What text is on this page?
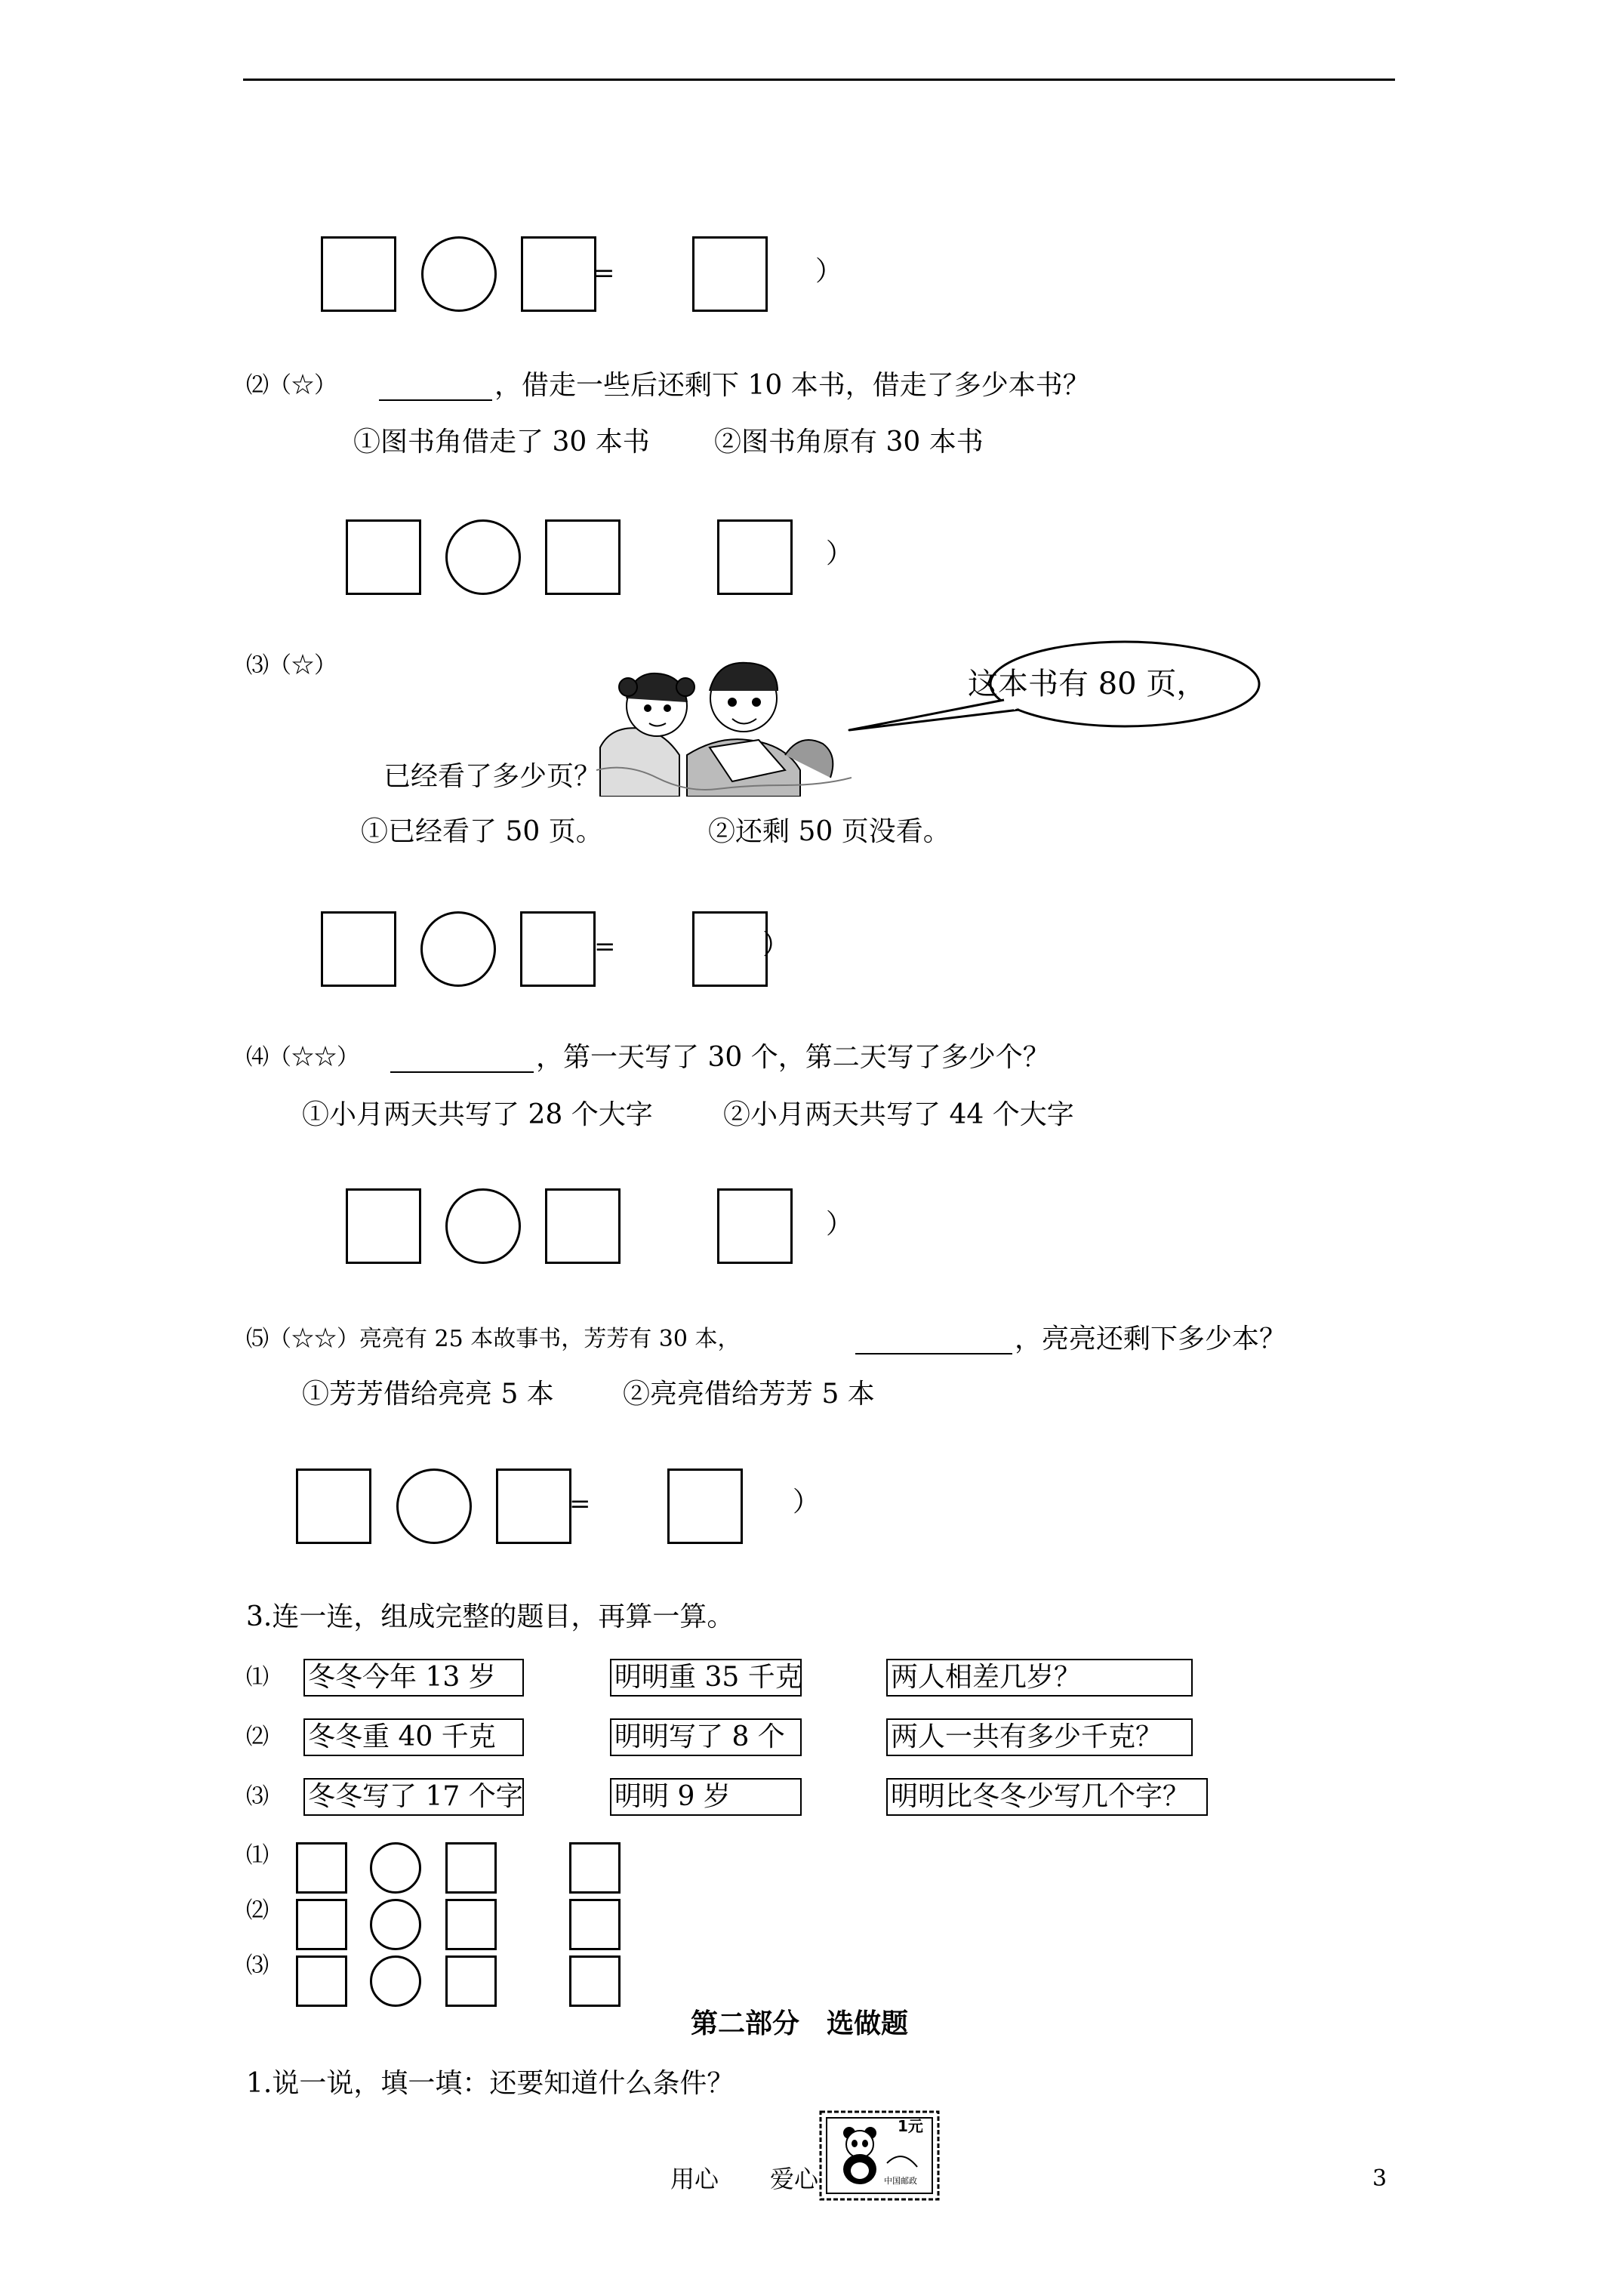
=	）
⑵（☆）	，借走一些后还剩下 10 本书，借走了多少本书？
①图书角借走了 30 本书 ②图书角原有 30 本书
）
⑶（☆）
这本书有 80 页，
已经看了多少页？
①已经看了 50 页。	②还剩 50 页没看。
=	）
⑷（☆☆）	，第一天写了 30 个，第二天写了多少个？
①小月两天共写了 28 个大字	②小月两天共写了 44 个大字
）
⑸（☆☆）亮亮有 25 本故事书，芳芳有 30 本，	，亮亮还剩下多少本？
①芳芳借给亮亮 5 本	②亮亮借给芳芳 5 本
=	）
3.连一连，组成完整的题目，再算一算。
⑴ 冬冬今年 13 岁	明明重 35 千克	两人相差几岁？
⑵ 冬冬重 40 千克	明明写了 8 个	两人一共有多少千克？
⑶ 冬冬写了 17 个字	明明 9 岁	明明比冬冬少写几个字？
⑴
⑵
⑶
第二部分　选做题
1.说一说，填一填：还要知道什么条件？
用心 爱心
1元
中国邮政	3
